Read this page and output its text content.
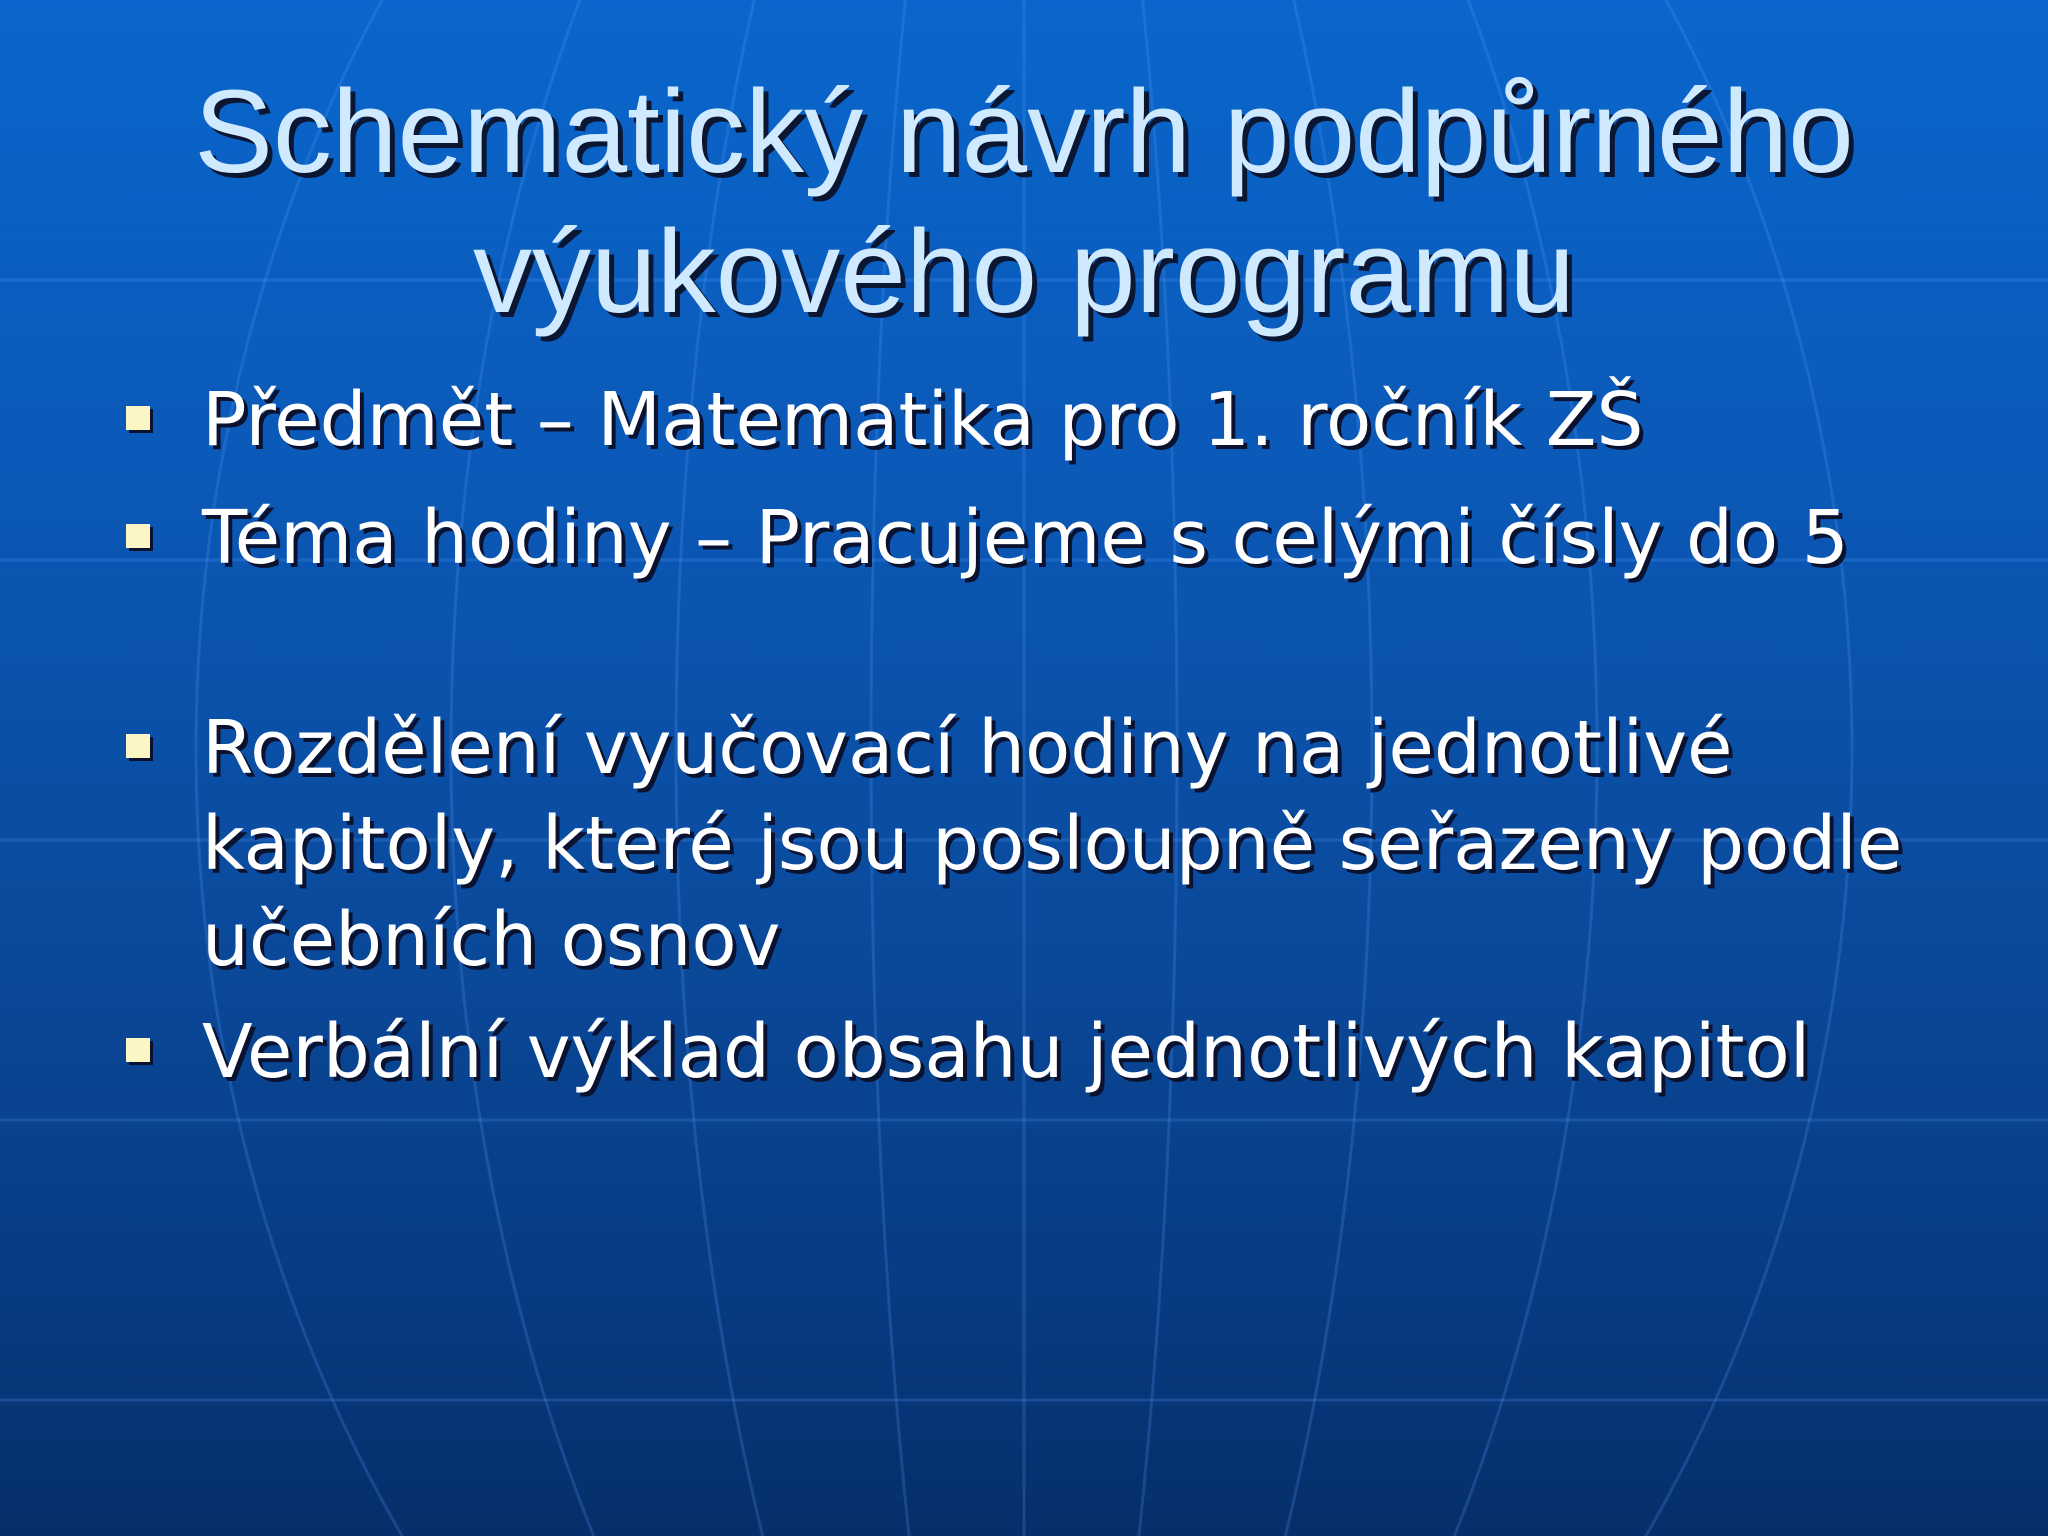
Schematický návrh podpůrného
výukového programu
Předmět – Matematika pro 1. ročník ZŠ
Téma hodiny – Pracujeme s celými čísly do 5
Rozdělení vyučovací hodiny na jednotlivé kapitoly, které jsou posloupně seřazeny podle učebních osnov
Verbální výklad obsahu jednotlivých kapitol
